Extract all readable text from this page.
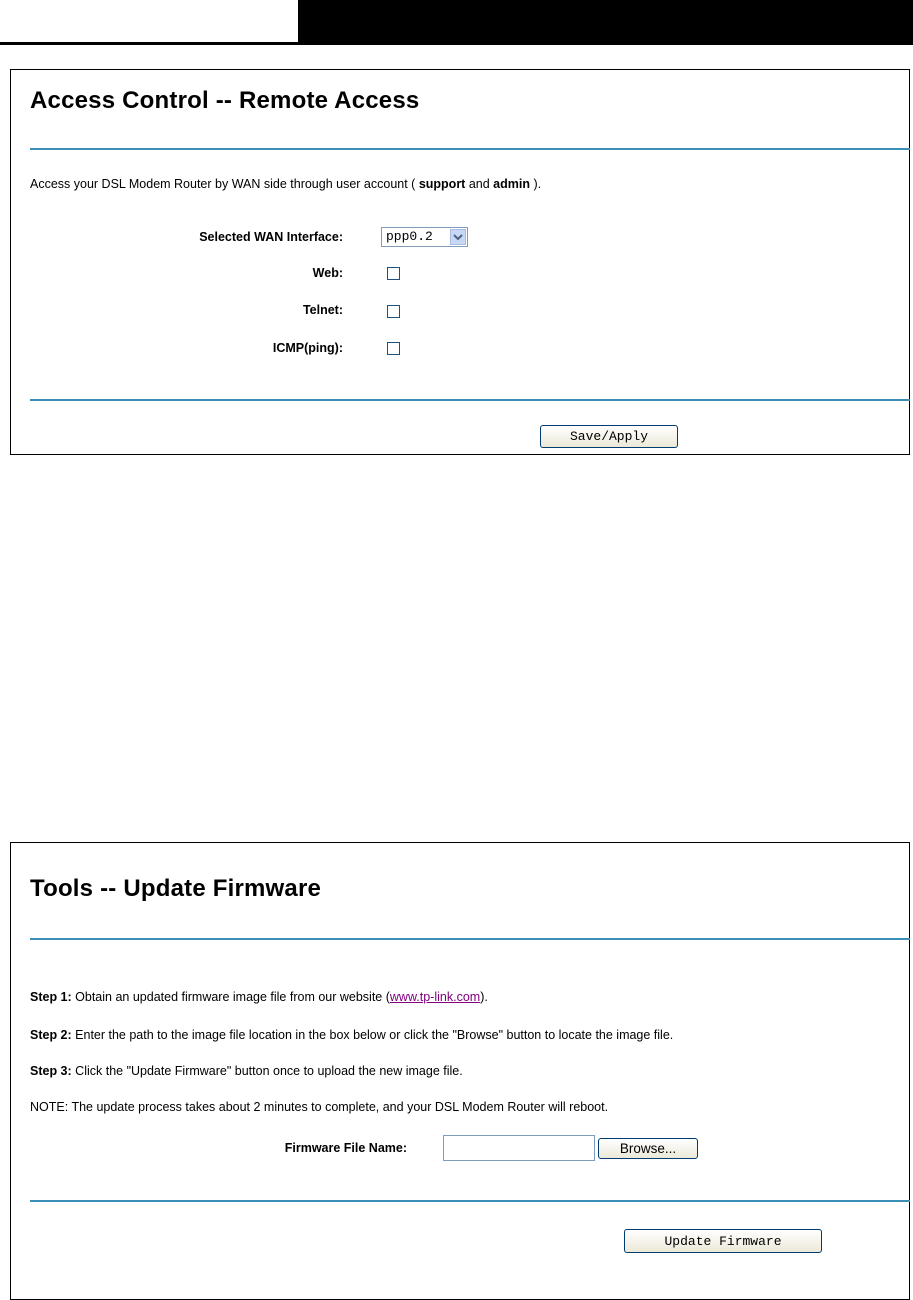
Access Control -- Remote Access
Access your DSL Modem Router by WAN side through user account ( support and admin ).
Selected WAN Interface:	ppp0.2
Web:
Telnet:
ICMP(ping):
Save/Apply
Tools -- Update Firmware
Step 1: Obtain an updated firmware image file from our website (www.tp-link.com).
Step 2: Enter the path to the image file location in the box below or click the "Browse" button to locate the image file.
Step 3: Click the "Update Firmware" button once to upload the new image file.
NOTE: The update process takes about 2 minutes to complete, and your DSL Modem Router will reboot.
Firmware File Name:	Browse...
Update Firmware
